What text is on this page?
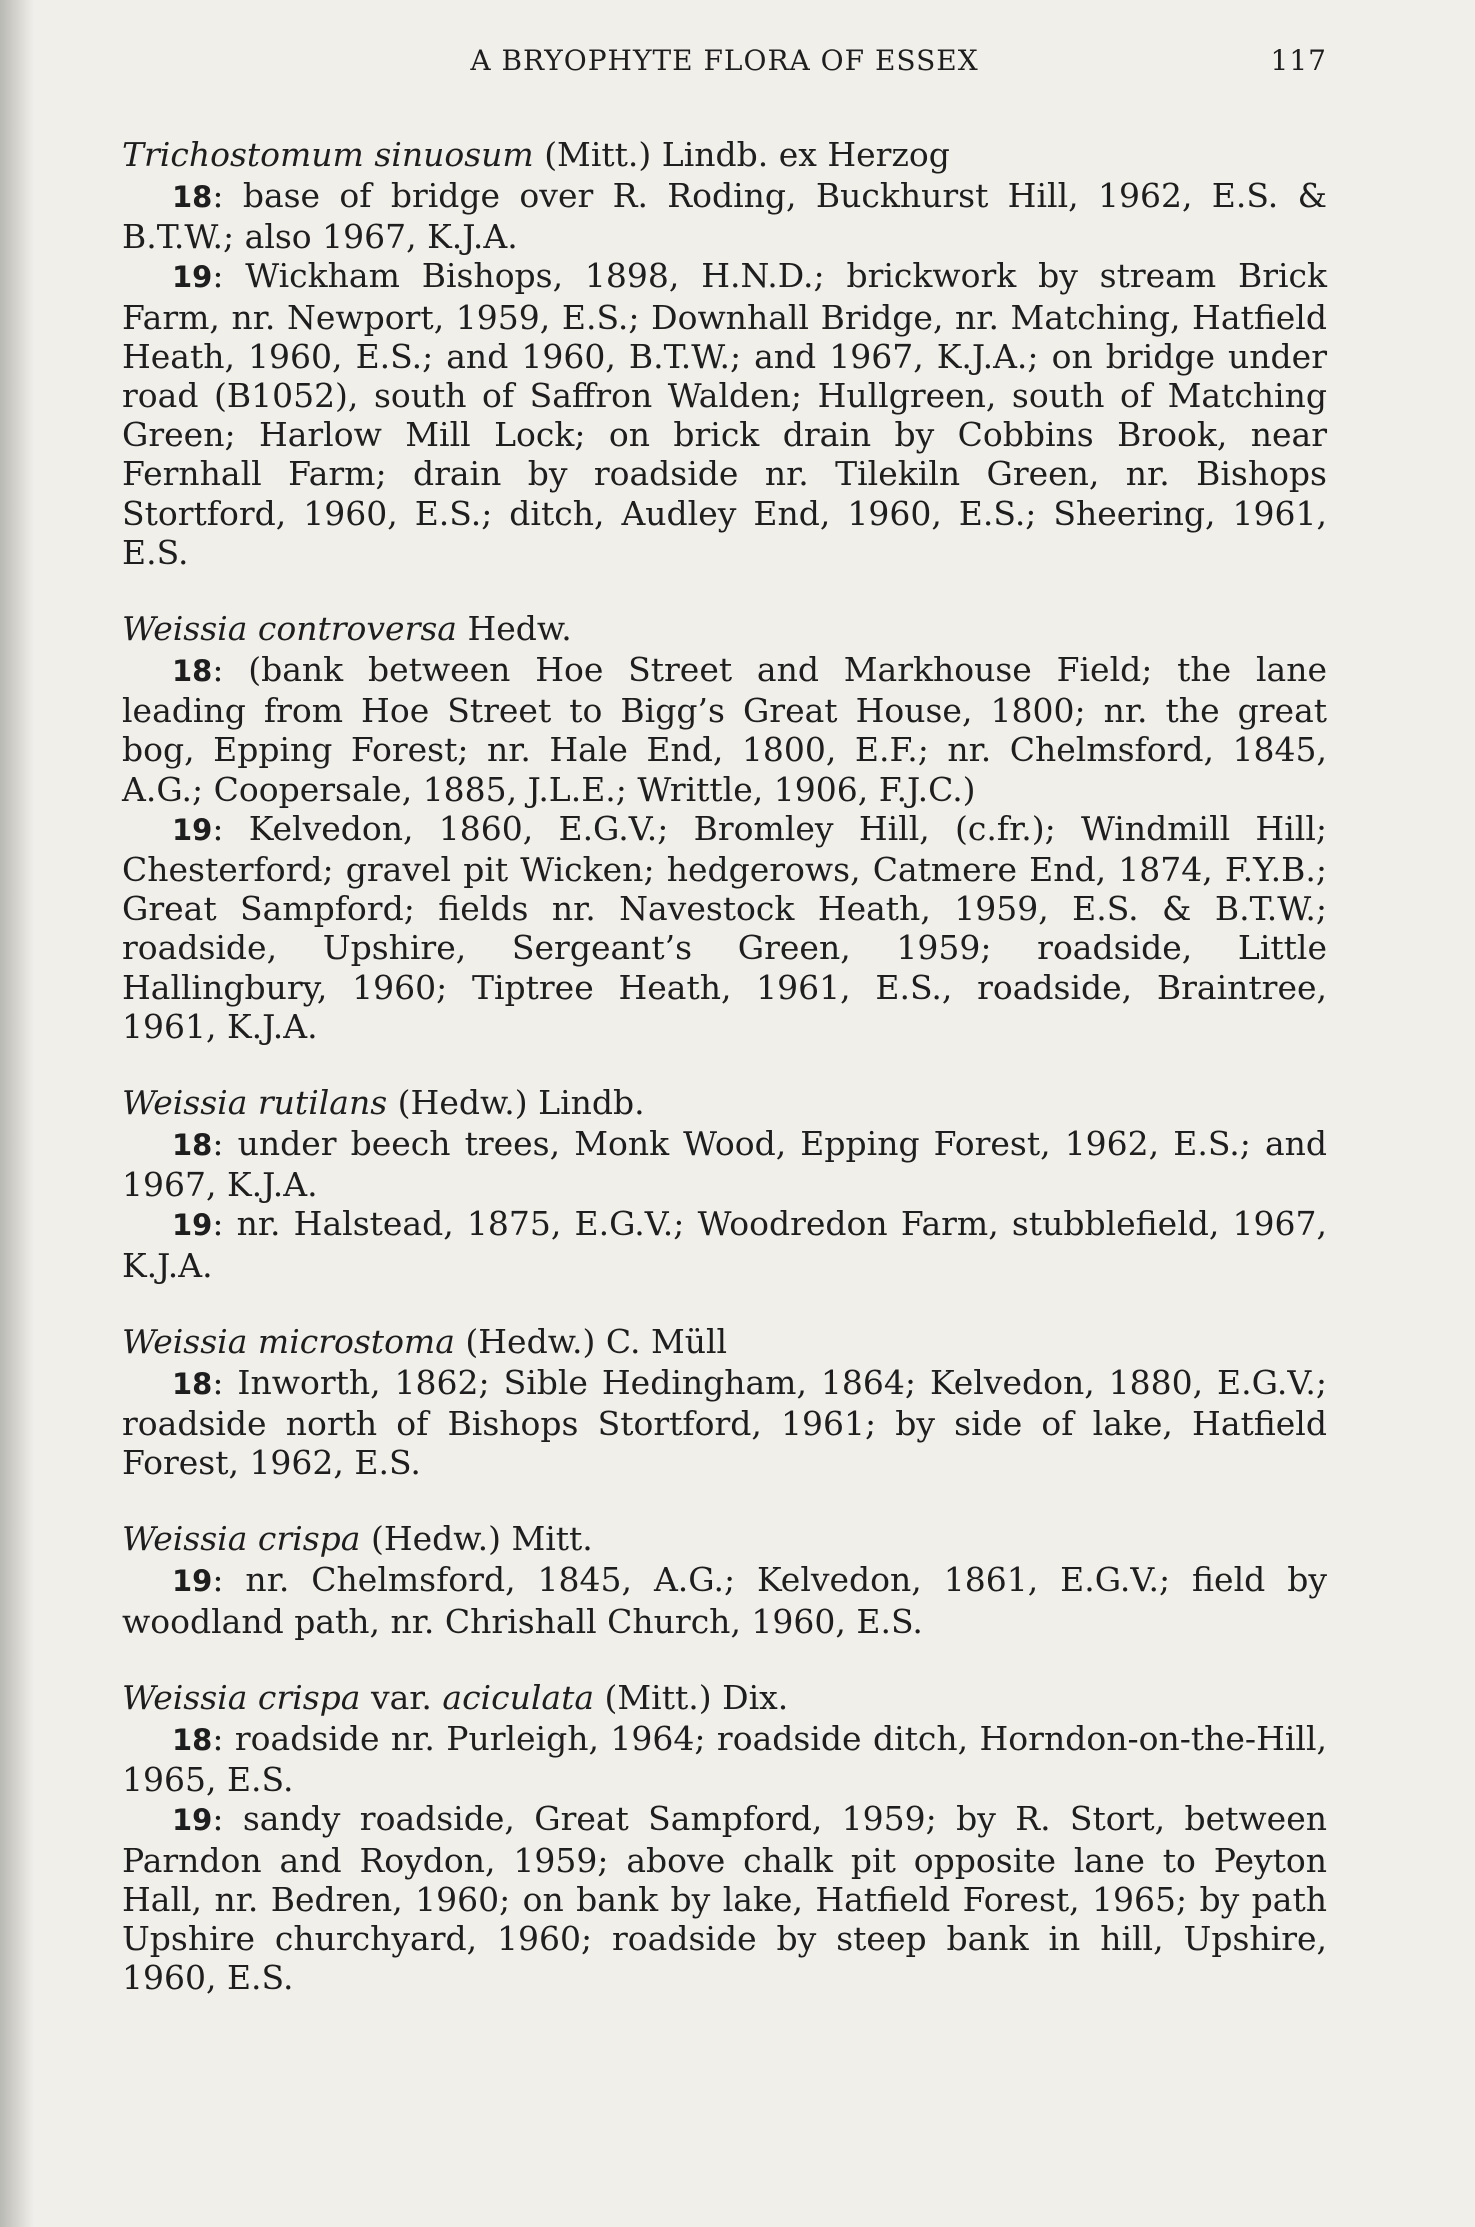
A BRYOPHYTE FLORA OF ESSEX	117

Trichostomum sinuosum (Mitt.) Lindb. ex Herzog

18: base of bridge over R. Roding, Buckhurst Hill, 1962, E.S. & B.T.W.; also 1967, K.J.A.

19: Wickham Bishops, 1898, H.N.D.; brickwork by stream Brick Farm, nr. Newport, 1959, E.S.; Downhall Bridge, nr. Matching, Hatfield Heath, 1960, E.S.; and 1960, B.T.W.; and 1967, K.J.A.; on bridge under road (B1052), south of Saffron Walden; Hullgreen, south of Matching Green; Harlow Mill Lock; on brick drain by Cobbins Brook, near Fernhall Farm; drain by roadside nr. Tilekiln Green, nr. Bishops Stortford, 1960, E.S.; ditch, Audley End, 1960, E.S.; Sheering, 1961, E.S.

Weissia controversa Hedw.

18: (bank between Hoe Street and Markhouse Field; the lane leading from Hoe Street to Bigg’s Great House, 1800; nr. the great bog, Epping Forest; nr. Hale End, 1800, E.F.; nr. Chelmsford, 1845, A.G.; Coopersale, 1885, J.L.E.; Writtle, 1906, F.J.C.)

19: Kelvedon, 1860, E.G.V.; Bromley Hill, (c.fr.); Windmill Hill; Chesterford; gravel pit Wicken; hedgerows, Catmere End, 1874, F.Y.B.; Great Sampford; fields nr. Navestock Heath, 1959, E.S. & B.T.W.; roadside, Upshire, Sergeant’s Green, 1959; roadside, Little Hallingbury, 1960; Tiptree Heath, 1961, E.S., roadside, Braintree, 1961, K.J.A.

Weissia rutilans (Hedw.) Lindb.

18: under beech trees, Monk Wood, Epping Forest, 1962, E.S.; and 1967, K.J.A.

19: nr. Halstead, 1875, E.G.V.; Woodredon Farm, stubblefield, 1967, K.J.A.

Weissia microstoma (Hedw.) C. Müll

18: Inworth, 1862; Sible Hedingham, 1864; Kelvedon, 1880, E.G.V.; roadside north of Bishops Stortford, 1961; by side of lake, Hatfield Forest, 1962, E.S.

Weissia crispa (Hedw.) Mitt.

19: nr. Chelmsford, 1845, A.G.; Kelvedon, 1861, E.G.V.; field by woodland path, nr. Chrishall Church, 1960, E.S.

Weissia crispa var. aciculata (Mitt.) Dix.

18: roadside nr. Purleigh, 1964; roadside ditch, Horndon-on-the-Hill, 1965, E.S.

19: sandy roadside, Great Sampford, 1959; by R. Stort, between Parndon and Roydon, 1959; above chalk pit opposite lane to Peyton Hall, nr. Bedren, 1960; on bank by lake, Hatfield Forest, 1965; by path Upshire churchyard, 1960; roadside by steep bank in hill, Upshire, 1960, E.S.
